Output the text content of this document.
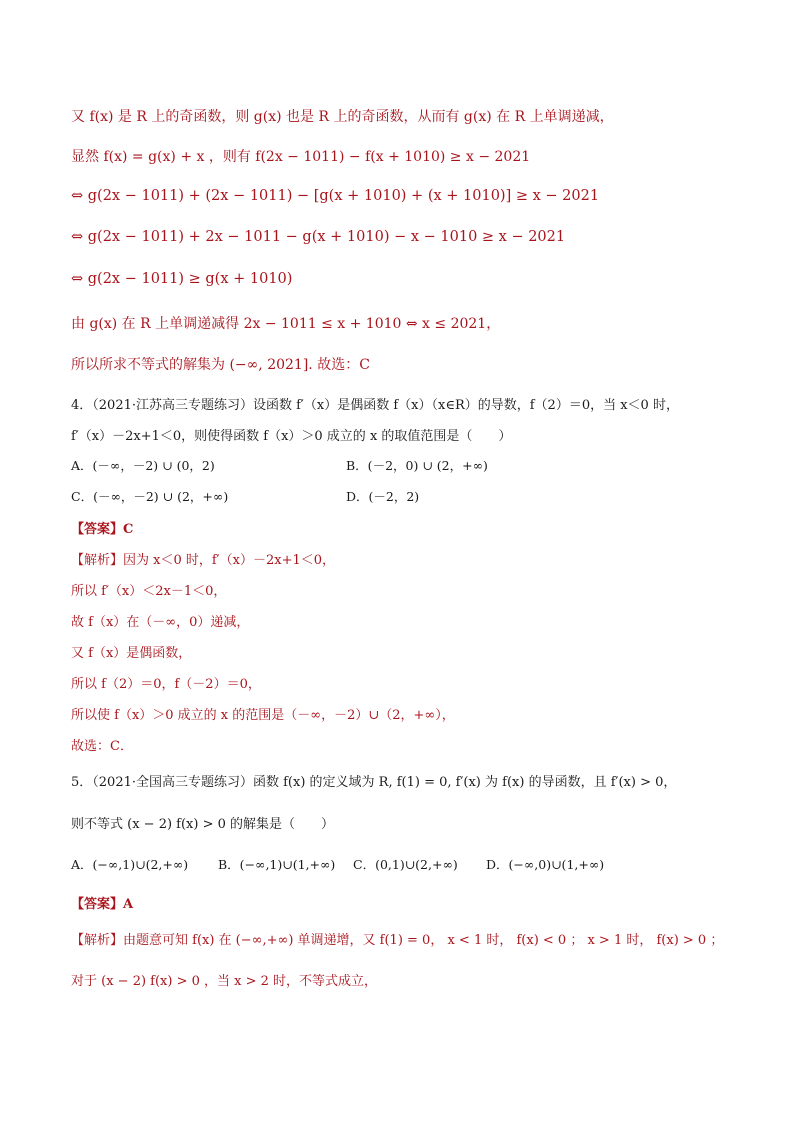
又 f(x) 是 R 上的奇函数，则 g(x) 也是 R 上的奇函数，从而有 g(x) 在 R 上单调递减，
显然 f(x) = g(x) + x ，则有 f(2x − 1011) − f(x + 1010) ≥ x − 2021
⇔ g(2x − 1011) + (2x − 1011) − [g(x + 1010) + (x + 1010)] ≥ x − 2021
⇔ g(2x − 1011) + 2x − 1011 − g(x + 1010) − x − 1010 ≥ x − 2021
⇔ g(2x − 1011) ≥ g(x + 1010)
由 g(x) 在 R 上单调递减得 2x − 1011 ≤ x + 1010 ⇔ x ≤ 2021，
所以所求不等式的解集为 (−∞, 2021]. 故选：C
4．（2021·江苏高三专题练习）设函数 f′（x）是偶函数 f（x）（x∈R）的导数，f（2）＝0，当 x＜0 时，
f′（x）－2x+1＜0，则使得函数 f（x）＞0 成立的 x 的取值范围是（　　）
A．(－∞，－2) ∪ (0，2)	B．(－2，0) ∪ (2，+∞)
C．(－∞，－2) ∪ (2，+∞)	D．(－2，2)
【答案】C
【解析】因为 x＜0 时，f′（x）－2x+1＜0，
所以 f′（x）＜2x－1＜0，
故 f（x）在（－∞，0）递减，
又 f（x）是偶函数，
所以 f（2）＝0，f（－2）＝0，
所以使 f（x）＞0 成立的 x 的范围是（－∞，－2）∪（2，+∞），
故选：C．
5．（2021·全国高三专题练习）函数 f(x) 的定义域为 R, f(1) = 0, f′(x) 为 f(x) 的导函数，且 f′(x) > 0，
则不等式 (x − 2) f(x) > 0 的解集是（　　）
A．(−∞,1)∪(2,+∞) B．(−∞,1)∪(1,+∞) C．(0,1)∪(2,+∞) D．(−∞,0)∪(1,+∞)
【答案】A
【解析】由题意可知 f(x) 在 (−∞,+∞) 单调递增，又 f(1) = 0， x < 1 时， f(x) < 0 ； x > 1 时， f(x) > 0 ；
对于 (x − 2) f(x) > 0 ，当 x > 2 时，不等式成立，
